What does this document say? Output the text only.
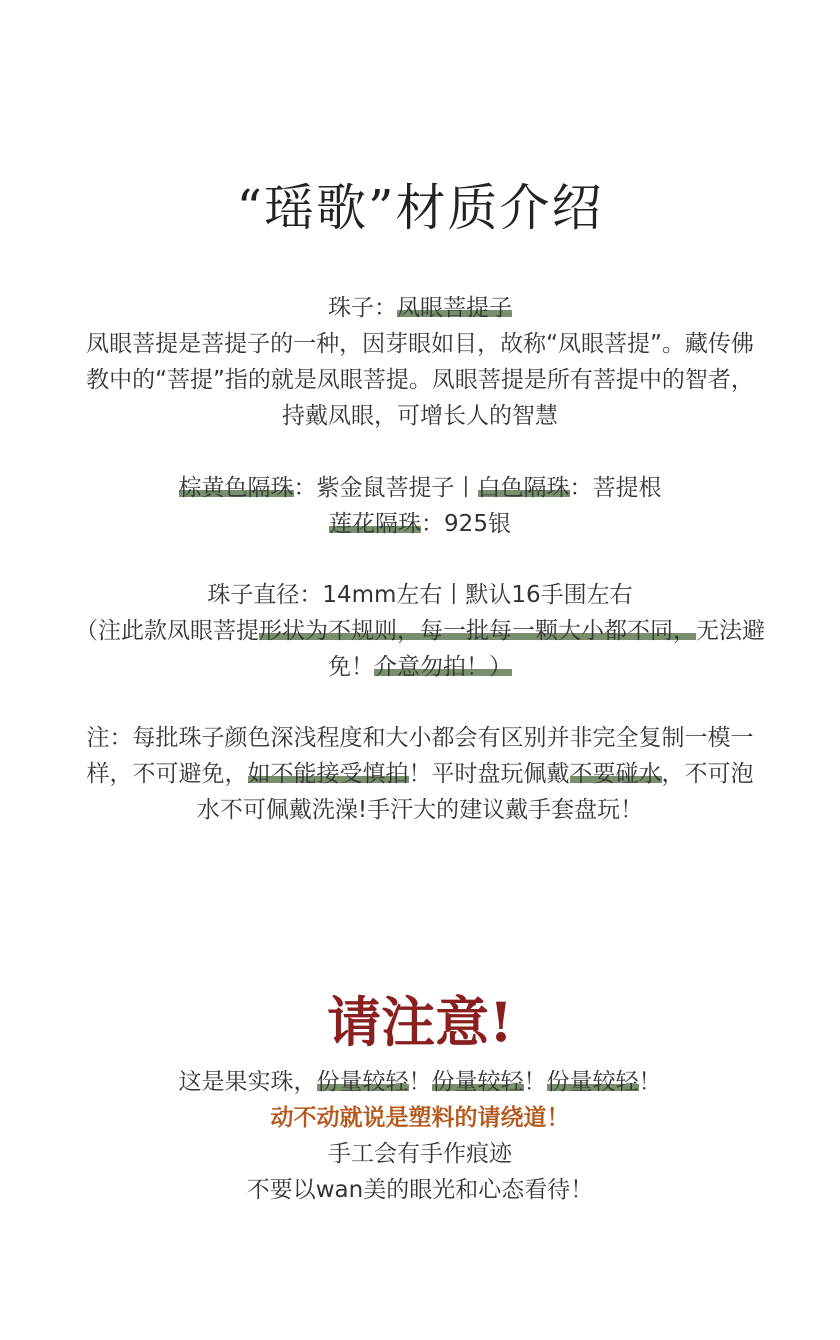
“瑶歌”材质介绍
珠子：凤眼菩提子
凤眼菩提是菩提子的一种，因芽眼如目，故称“凤眼菩提”。藏传佛
教中的“菩提”指的就是凤眼菩提。凤眼菩提是所有菩提中的智者，
持戴凤眼，可增长人的智慧
棕黄色隔珠：紫金鼠菩提子丨白色隔珠：菩提根
莲花隔珠：925银
珠子直径：14mm左右丨默认16手围左右
（注此款凤眼菩提形状为不规则，每一批每一颗大小都不同，无法避
免！介意勿拍！）
注：每批珠子颜色深浅程度和大小都会有区别并非完全复制一模一
样，不可避免，如不能接受慎拍！平时盘玩佩戴不要碰水，不可泡
水不可佩戴洗澡!手汗大的建议戴手套盘玩！
请注意!
这是果实珠，份量较轻！份量较轻！份量较轻！
动不动就说是塑料的请绕道！
手工会有手作痕迹
不要以wan美的眼光和心态看待！
